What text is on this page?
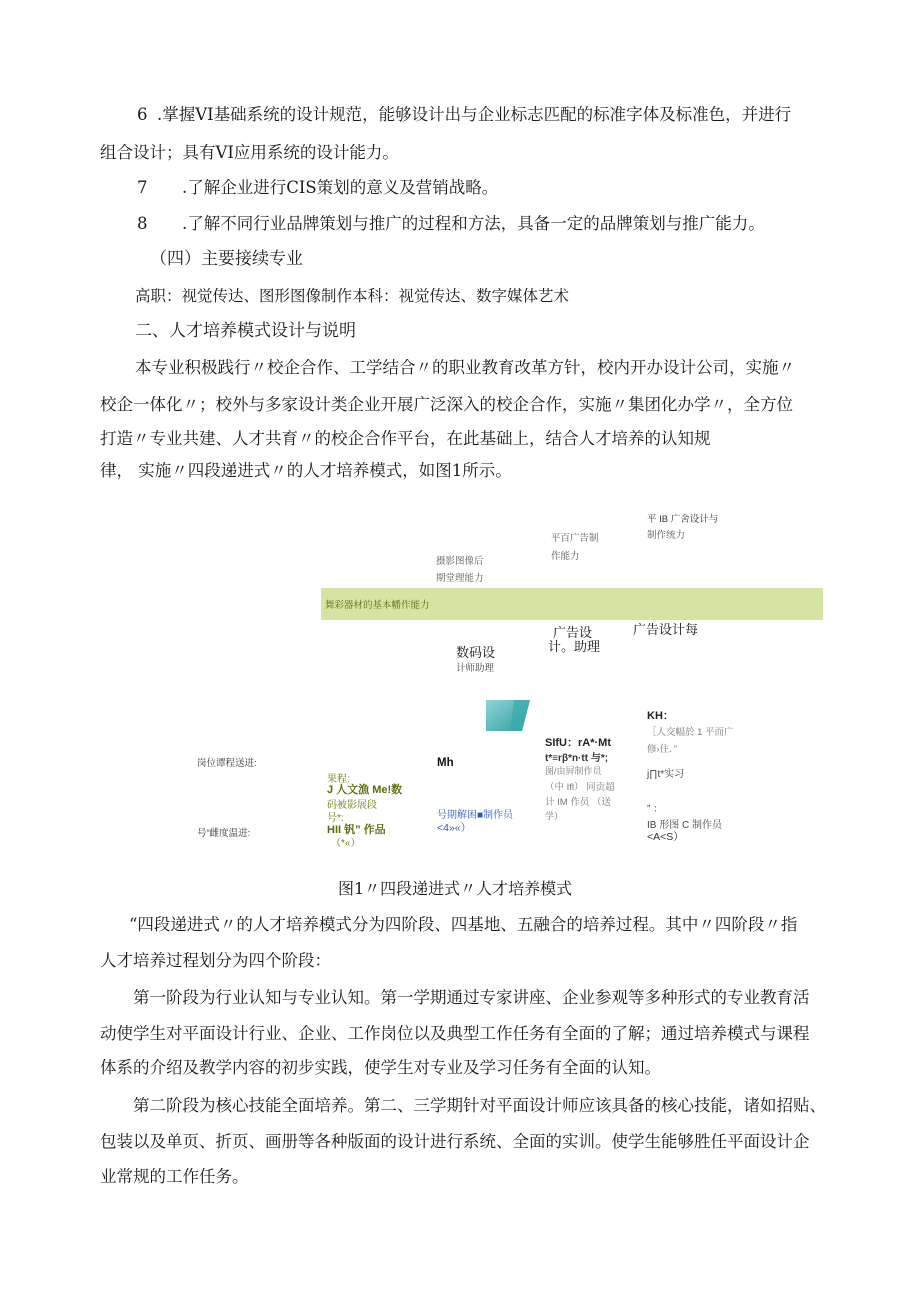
6 .掌握VI基础系统的设计规范，能够设计出与企业标志匹配的标准字体及标准色，并进行
组合设计；具有VI应用系统的设计能力。
7 .了解企业进行CIS策划的意义及营销战略。
8 .了解不同行业品牌策划与推广的过程和方法，具备一定的品牌策划与推广能力。
（四）主要接续专业
高职：视觉传达、图形图像制作本科：视觉传达、数字媒体艺术
二、人才培养模式设计与说明
本专业积极践行〃校企合作、工学结合〃的职业教育改革方针，校内开办设计公司，实施〃
校企一体化〃；校外与多家设计类企业开展广泛深入的校企合作，实施〃集团化办学〃，全方位
打造〃专业共建、人才共育〃的校企合作平台，在此基础上，结合人才培养的认知规
律， 实施〃四段递进式〃的人才培养模式，如图1所示。
摄影图像后
期堂理能力
平百广告制
作能力
平 IB 广舍设计与
制作统力
舞彩器材的基本幡作能力
数码设
计师助理
广告设
计。助理
广告设计每
岗位谭程送进:
号“雌度温进:
果程:
J 人文漁 Me!数
码被影展段
号*:
HII 钒” 作品
（*«）
Mh
号期解困■制作员
<4»«）
SIfU：rA*·Mt
t*≡rβ*n·tt 与*;
图/由屛制作员
（中 Ifl） 同贡超
计 IM 作员 （送
学）
KH：
［人交幅於 1 平而广
修›住．”
j∏t*实习
” ：
IB 形图 C 制作员
<A<S）
图1〃四段递进式〃人才培养模式
“四段递进式〃的人才培养模式分为四阶段、四基地、五融合的培养过程。其中〃四阶段〃指
人才培养过程划分为四个阶段：
第一阶段为行业认知与专业认知。第一学期通过专家讲座、企业参观等多种形式的专业教育活
动使学生对平面设计行业、企业、工作岗位以及典型工作任务有全面的了解；通过培养模式与课程
体系的介绍及教学内容的初步实践，使学生对专业及学习任务有全面的认知。
第二阶段为核心技能全面培养。第二、三学期针对平面设计师应该具备的核心技能，诸如招贴、
包装以及单页、折页、画册等各种版面的设计进行系统、全面的实训。使学生能够胜任平面设计企
业常规的工作任务。
